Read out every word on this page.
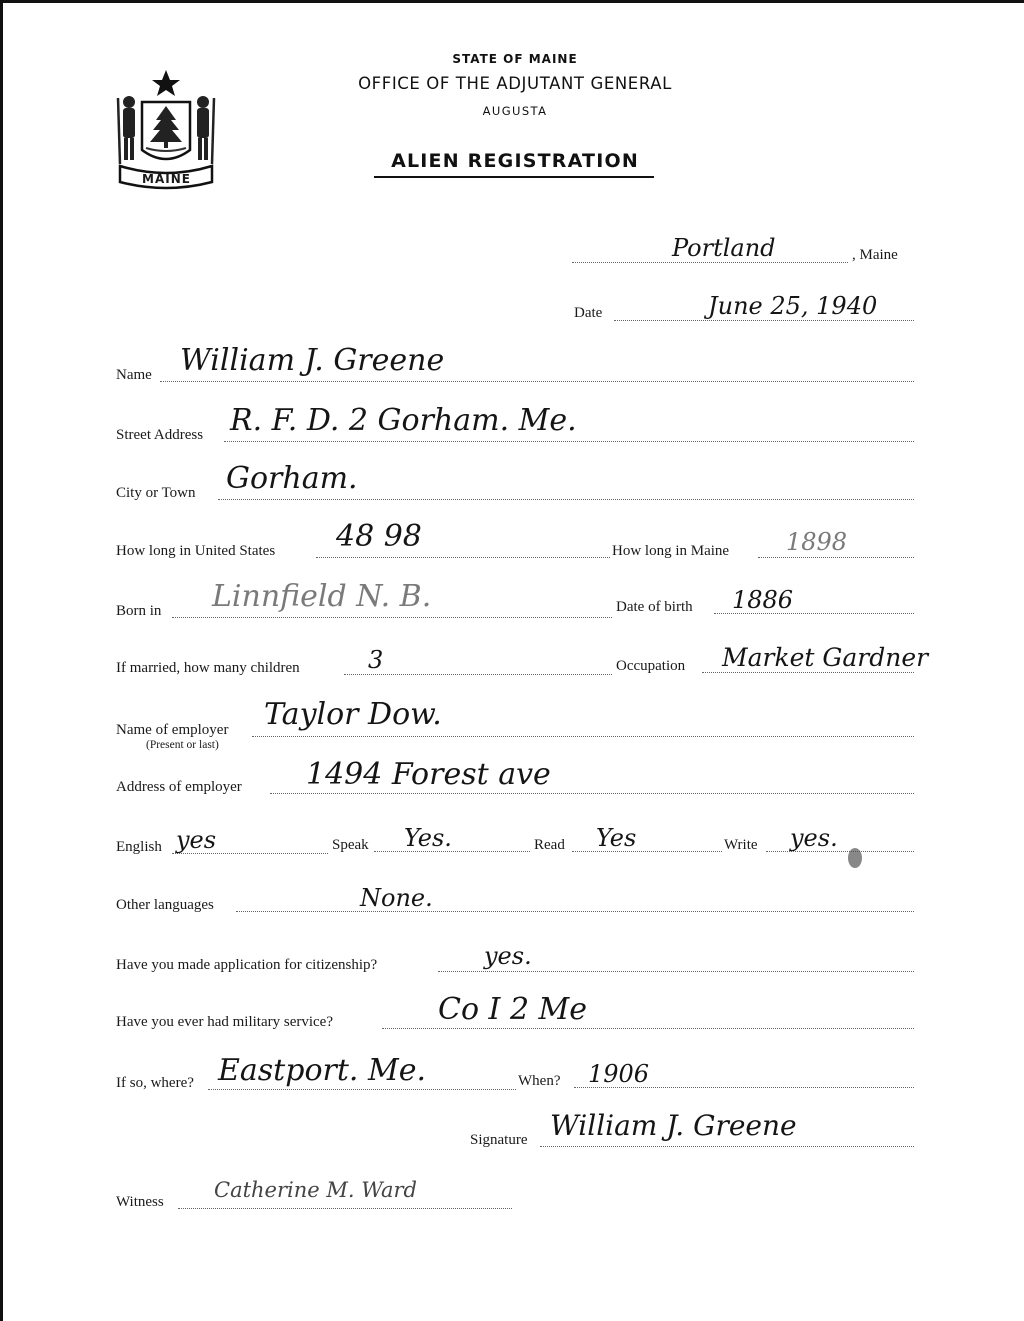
MAINE
STATE OF MAINE
OFFICE OF THE ADJUTANT GENERAL
AUGUSTA
ALIEN REGISTRATION
Portland	, Maine
Date	June 25, 1940
Name William J. Greene
Street Address R. F. D. 2 Gorham. Me.
City or Town Gorham.
How long in United States 48 98	How long in Maine 1898
Born in Linnfield N. B.	Date of birth 1886
If married, how many children	3	Occupation Market Gardner
Name of employer
(Present or last)
Taylor Dow.
Address of employer 1494 Forest ave
English yes	Speak Yes.	Read Yes	Write yes.
Other languages	None.
Have you made application for citizenship?	yes.
Have you ever had military service?	Co I 2 Me
If so, where? Eastport. Me.	When? 1906
Signature William J. Greene
Witness Catherine M. Ward
